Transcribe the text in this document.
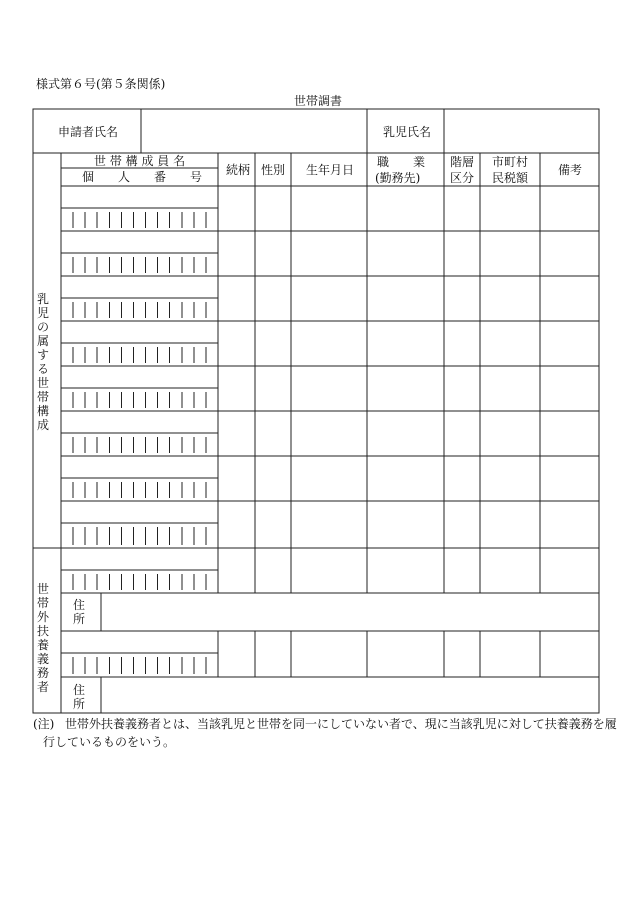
様式第６号(第５条関係)
世帯調書
申請者氏名	乳児氏名
世 帯 構 成 員 名
個　　人　　番　　号 続柄 性別 生年月日
職　　業
(勤務先)
階層
区分
市町村
民税額
備考
乳児の属する世帯構成
世帯外扶養義務者
住
所
住
所
(注) 世帯外扶養義務者とは、当該乳児と世帯を同一にしていない者で、現に当該乳児に対して扶養義務を履
行しているものをいう。
